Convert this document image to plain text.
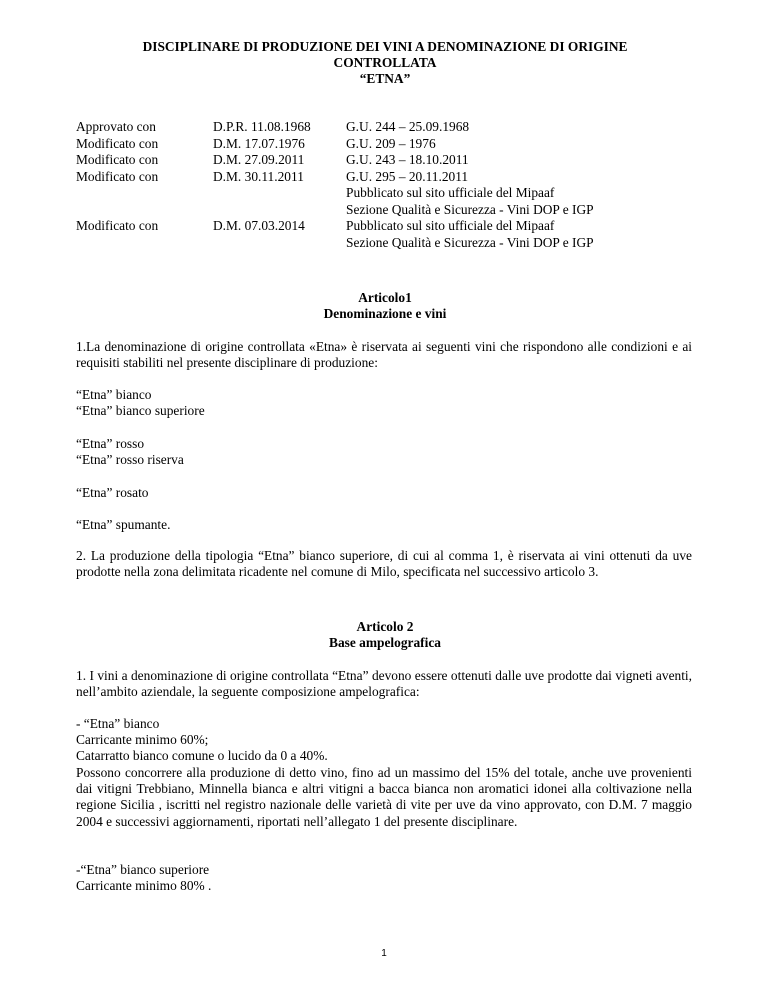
DISCIPLINARE DI PRODUZIONE DEI VINI A DENOMINAZIONE DI ORIGINE
CONTROLLATA
“ETNA”
Approvato con	D.P.R. 11.08.1968	G.U. 244 – 25.09.1968
Modificato con	D.M. 17.07.1976	G.U. 209 – 1976
Modificato con	D.M. 27.09.2011	G.U. 243 – 18.10.2011
Modificato con	D.M. 30.11.2011	G.U. 295 – 20.11.2011
Pubblicato sul sito ufficiale del Mipaaf
Sezione Qualità e Sicurezza - Vini DOP e IGP
Modificato con	D.M. 07.03.2014	Pubblicato sul sito ufficiale del Mipaaf
Sezione Qualità e Sicurezza - Vini DOP e IGP
Articolo1
Denominazione e vini
1.La denominazione di origine controllata «Etna» è riservata ai seguenti vini che rispondono alle condizioni e ai requisiti stabiliti nel presente disciplinare di produzione:
“Etna” bianco
“Etna” bianco superiore
“Etna” rosso
“Etna” rosso riserva
“Etna” rosato
“Etna” spumante.
2. La produzione della tipologia “Etna” bianco superiore, di cui al comma 1, è riservata ai vini ottenuti da uve prodotte nella zona delimitata ricadente nel comune di Milo, specificata nel successivo articolo 3.
Articolo 2
Base ampelografica
1. I vini a denominazione di origine controllata “Etna” devono essere ottenuti dalle uve prodotte dai vigneti aventi, nell’ambito aziendale, la seguente composizione ampelografica:
- “Etna” bianco
Carricante minimo 60%;
Catarratto bianco comune o lucido da 0 a 40%.
Possono concorrere alla produzione di detto vino, fino ad un massimo del 15% del totale, anche uve provenienti dai vitigni Trebbiano, Minnella bianca e altri vitigni a bacca bianca non aromatici idonei alla coltivazione nella regione Sicilia , iscritti nel registro nazionale delle varietà di vite per uve da vino approvato, con D.M. 7 maggio 2004 e successivi aggiornamenti, riportati nell’allegato 1 del presente disciplinare.
-“Etna” bianco superiore
Carricante minimo 80% .
1
